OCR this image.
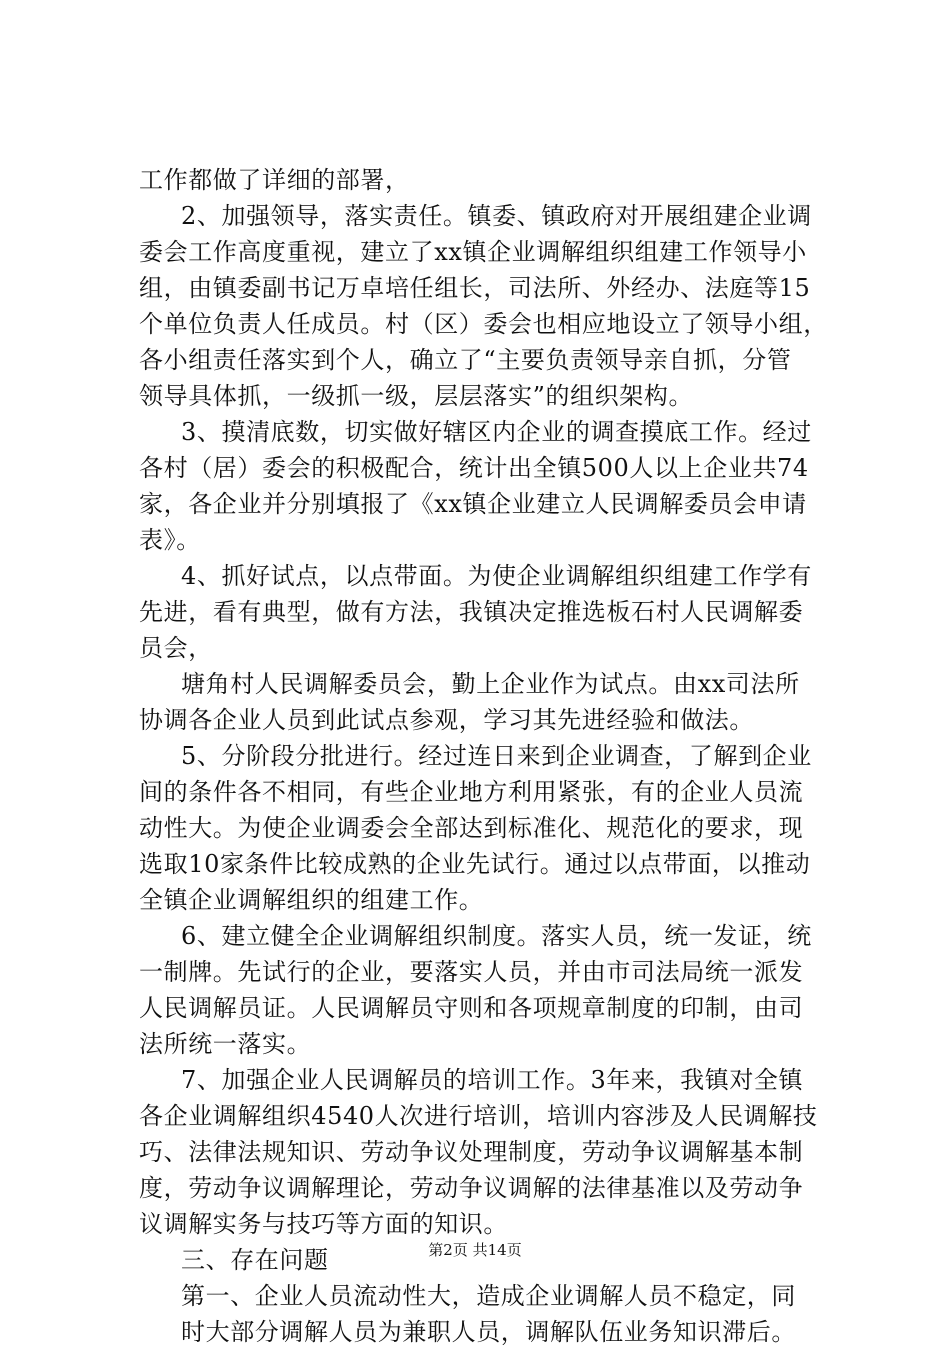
工作都做了详细的部署，
2、加强领导，落实责任。镇委、镇政府对开展组建企业调
委会工作高度重视，建立了xx镇企业调解组织组建工作领导小
组，由镇委副书记万卓培任组长，司法所、外经办、法庭等15
个单位负责人任成员。村（区）委会也相应地设立了领导小组，
各小组责任落实到个人，确立了“主要负责领导亲自抓，分管
领导具体抓，一级抓一级，层层落实”的组织架构。
3、摸清底数，切实做好辖区内企业的调查摸底工作。经过
各村（居）委会的积极配合，统计出全镇500人以上企业共74
家，各企业并分别填报了《xx镇企业建立人民调解委员会申请
表》。
4、抓好试点，以点带面。为使企业调解组织组建工作学有
先进，看有典型，做有方法，我镇决定推选板石村人民调解委
员会，
塘角村人民调解委员会，勤上企业作为试点。由xx司法所
协调各企业人员到此试点参观，学习其先进经验和做法。
5、分阶段分批进行。经过连日来到企业调查，了解到企业
间的条件各不相同，有些企业地方利用紧张，有的企业人员流
动性大。为使企业调委会全部达到标准化、规范化的要求，现
选取10家条件比较成熟的企业先试行。通过以点带面，以推动
全镇企业调解组织的组建工作。
6、建立健全企业调解组织制度。落实人员，统一发证，统
一制牌。先试行的企业，要落实人员，并由市司法局统一派发
人民调解员证。人民调解员守则和各项规章制度的印制，由司
法所统一落实。
7、加强企业人民调解员的培训工作。3年来，我镇对全镇
各企业调解组织4540人次进行培训，培训内容涉及人民调解技
巧、法律法规知识、劳动争议处理制度，劳动争议调解基本制
度，劳动争议调解理论，劳动争议调解的法律基准以及劳动争
议调解实务与技巧等方面的知识。
三、存在问题
第一、企业人员流动性大，造成企业调解人员不稳定，同
时大部分调解人员为兼职人员，调解队伍业务知识滞后。
第2页 共14页
